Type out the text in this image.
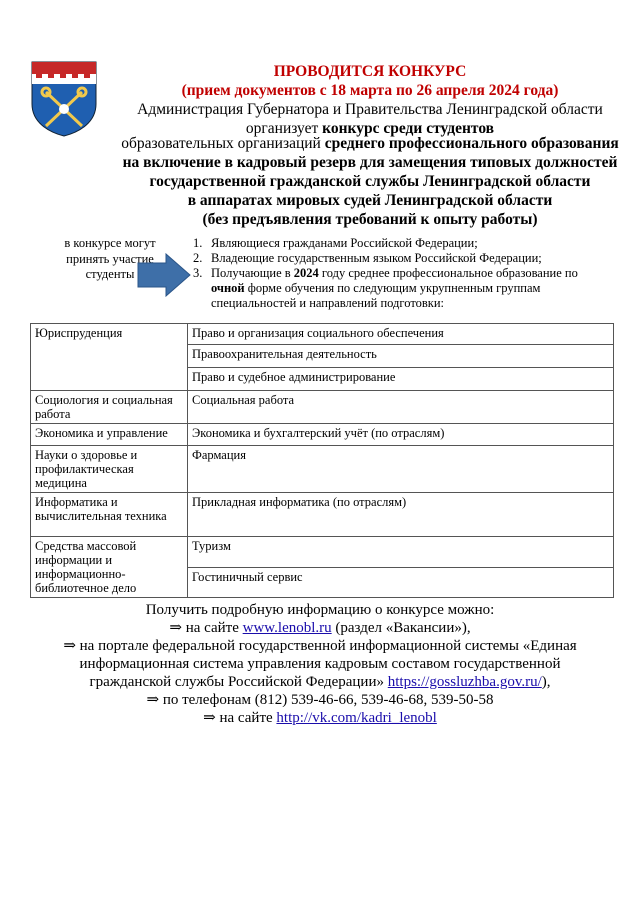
ПРОВОДИТСЯ КОНКУРС
(прием документов с 18 марта по 26 апреля 2024 года)
Администрация Губернатора и Правительства Ленинградской области
организует конкурс среди студентов
образовательных организаций среднего профессионального образования
на включение в кадровый резерв для замещения типовых должностей
государственной гражданской службы Ленинградской области
в аппаратах мировых судей Ленинградской области
(без предъявления требований к опыту работы)
в конкурсе могут принять участие студенты
1. Являющиеся гражданами Российской Федерации;
2. Владеющие государственным языком Российской Федерации;
3. Получающие в 2024 году среднее профессиональное образование по очной форме обучения по следующим укрупненным группам специальностей и направлений подготовки:
Юриспруденция	Право и организация социального обеспечения
	Правоохранительная деятельность
	Право и судебное администрирование
Социология и социальная работа	Социальная работа
Экономика и управление	Экономика и бухгалтерский учёт (по отраслям)
Науки о здоровье и профилактическая медицина	Фармация
Информатика и вычислительная техника	Прикладная информатика (по отраслям)
Средства массовой информации и информационно-библиотечное дело	Туризм
	Гостиничный сервис
Получить подробную информацию о конкурсе можно:
⇒ на сайте www.lenobl.ru (раздел «Вакансии»),
⇒ на портале федеральной государственной информационной системы «Единая
информационная система управления кадровым составом государственной
гражданской службы Российской Федерации» https://gossluzhba.gov.ru/),
⇒ по телефонам (812) 539-46-66, 539-46-68, 539-50-58
⇒ на сайте http://vk.com/kadri_lenobl
